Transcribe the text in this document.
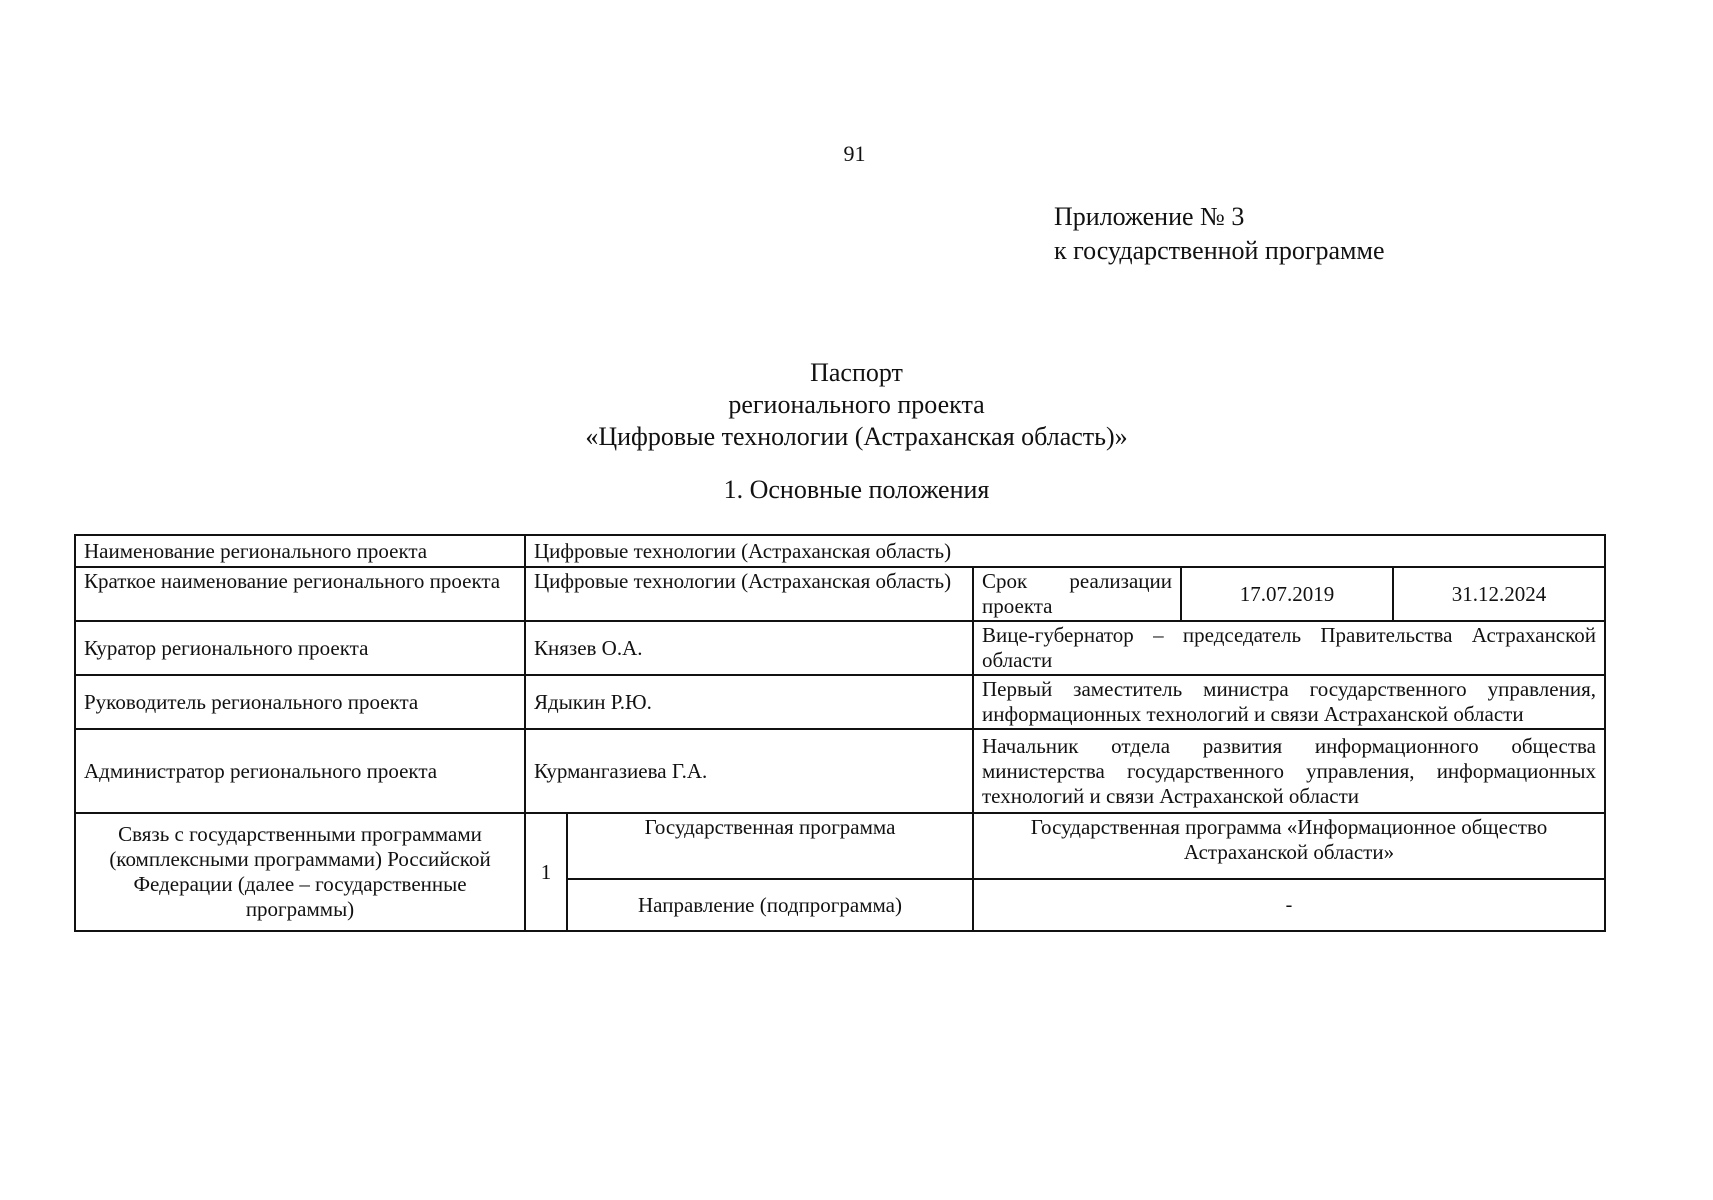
91
Приложение № 3
к государственной программе
Паспорт
регионального проекта
«Цифровые технологии (Астраханская область)»
1. Основные положения
Наименование регионального проекта	Цифровые технологии (Астраханская область)				
Краткое наименование регионального проекта	Цифровые технологии (Астраханская область)		Срок реализации проекта	17.07.2019	31.12.2024
Куратор регионального проекта	Князев О.А.		Вице-губернатор – председатель Правительства Астраханской области		
Руководитель регионального проекта	Ядыкин Р.Ю.		Первый заместитель министра государственного управления, информационных технологий и связи Астраханской области		
Администратор регионального проекта	Курмангазиева Г.А.		Начальник отдела развития информационного общества министерства государственного управления, информационных технологий и связи Астраханской области		
Связь с государственными программами (комплексными программами) Российской Федерации (далее – государственные программы)	1	Государственная программа	Государственная программа «Информационное общество Астраханской области»		
		Направление (подпрограмма)	-		
